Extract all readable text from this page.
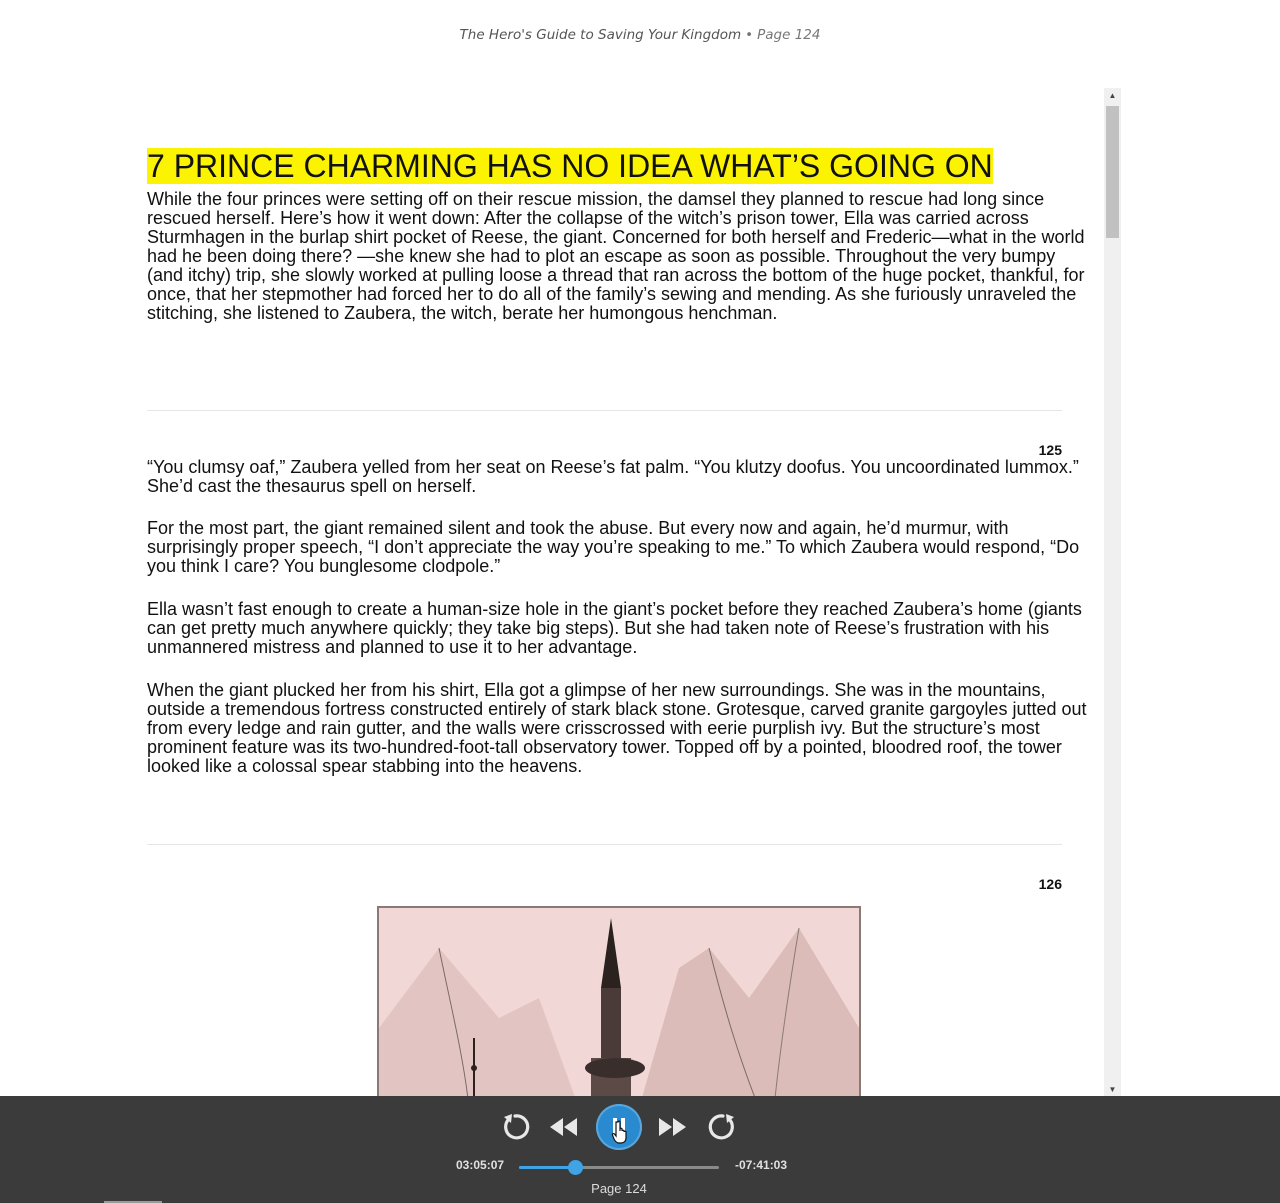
The Hero's Guide to Saving Your Kingdom • Page 124
7 PRINCE CHARMING HAS NO IDEA WHAT’S GOING ON

While the four princes were setting off on their rescue mission, the damsel they planned to rescue had long since rescued herself. Here’s how it went down: After the collapse of the witch’s prison tower, Ella was carried across Sturmhagen in the burlap shirt pocket of Reese, the giant. Concerned for both herself and Frederic—what in the world had he been doing there? —she knew she had to plot an escape as soon as possible. Throughout the very bumpy (and itchy) trip, she slowly worked at pulling loose a thread that ran across the bottom of the huge pocket, thankful, for once, that her stepmother had forced her to do all of the family’s sewing and mending. As she furiously unraveled the stitching, she listened to Zaubera, the witch, berate her humongous henchman.

125

“You clumsy oaf,” Zaubera yelled from her seat on Reese’s fat palm. “You klutzy doofus. You uncoordinated lummox.” She’d cast the thesaurus spell on herself.

For the most part, the giant remained silent and took the abuse. But every now and again, he’d murmur, with surprisingly proper speech, “I don’t appreciate the way you’re speaking to me.” To which Zaubera would respond, “Do you think I care? You bunglesome clodpole.”

Ella wasn’t fast enough to create a human-size hole in the giant’s pocket before they reached Zaubera’s home (giants can get pretty much anywhere quickly; they take big steps). But she had taken note of Reese’s frustration with his unmannered mistress and planned to use it to her advantage.

When the giant plucked her from his shirt, Ella got a glimpse of her new surroundings. She was in the mountains, outside a tremendous fortress constructed entirely of stark black stone. Grotesque, carved granite gargoyles jutted out from every ledge and rain gutter, and the walls were crisscrossed with eerie purplish ivy. But the structure’s most prominent feature was its two-hundred-foot-tall observatory tower. Topped off by a pointed, bloodred roof, the tower looked like a colossal spear stabbing into the heavens.

126
▲
▼
03:05:07	-07:41:03
Page 124
